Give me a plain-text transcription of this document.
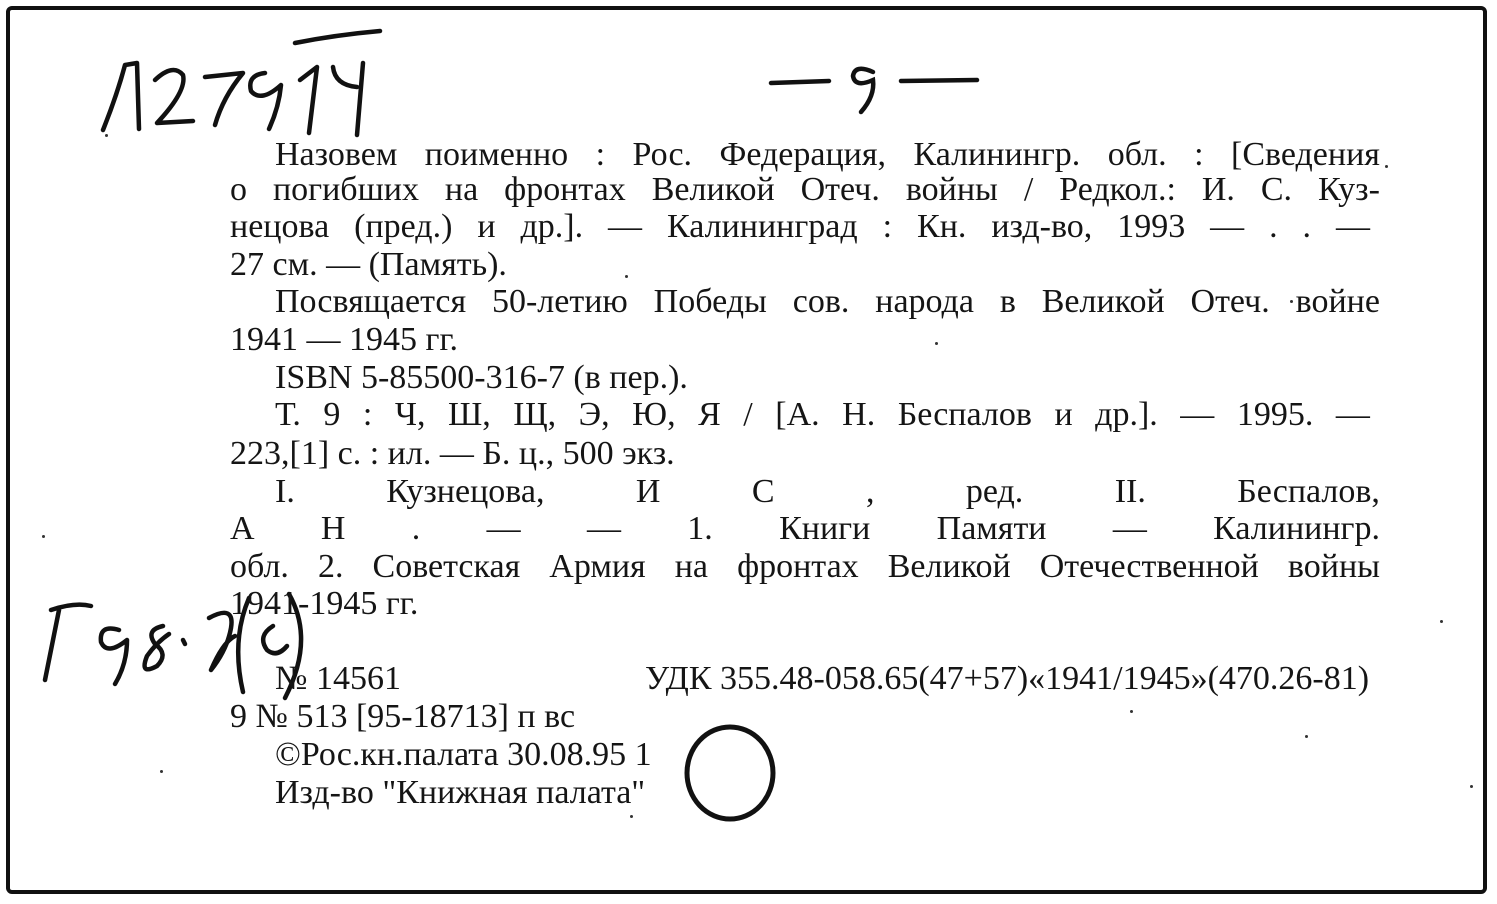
Назовем поименно : Рос. Федерация, Калинингр. обл. : [Сведения
о погибших на фронтах Великой Отеч. войны / Редкол.: И. С. Куз-
нецова (пред.) и др.]. — Калининград : Кн. изд-во, 1993 — . . —
27 см. — (Память).
Посвящается 50-летию Победы сов. народа в Великой Отеч. войне
1941 — 1945 гг.
ISBN 5-85500-316-7 (в пер.).
Т. 9 : Ч, Ш, Щ, Э, Ю, Я / [А. Н. Беспалов и др.]. — 1995. —
223,[1] с. : ил. — Б. ц., 500 экз.
I.	Кузнецова,	И	С	,	ред.	II.	Беспалов,
А Н . — — 1. Книги Памяти — Калинингр.
обл. 2. Советская Армия на фронтах Великой Отечественной войны
1941-1945 гг.
№ 14561	УДК 355.48-058.65(47+57)«1941/1945»(470.26-81)
9 № 513 [95-18713] п вс
©Рос.кн.палата 30.08.95 1
Изд-во "Книжная палата"
